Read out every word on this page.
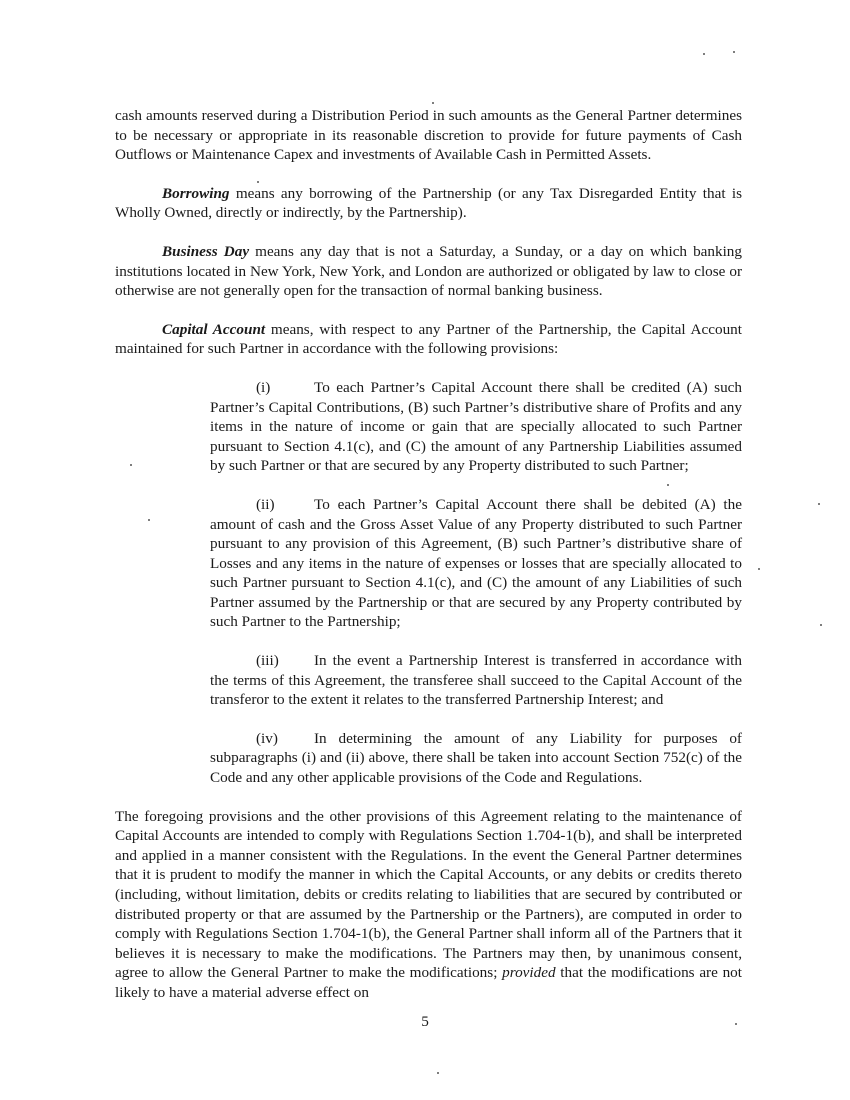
cash amounts reserved during a Distribution Period in such amounts as the General Partner determines to be necessary or appropriate in its reasonable discretion to provide for future payments of Cash Outflows or Maintenance Capex and investments of Available Cash in Permitted Assets.

Borrowing means any borrowing of the Partnership (or any Tax Disregarded Entity that is Wholly Owned, directly or indirectly, by the Partnership).

Business Day means any day that is not a Saturday, a Sunday, or a day on which banking institutions located in New York, New York, and London are authorized or obligated by law to close or otherwise are not generally open for the transaction of normal banking business.

Capital Account means, with respect to any Partner of the Partnership, the Capital Account maintained for such Partner in accordance with the following provisions:

(i)	To each Partner’s Capital Account there shall be credited (A) such Partner’s Capital Contributions, (B) such Partner’s distributive share of Profits and any items in the nature of income or gain that are specially allocated to such Partner pursuant to Section 4.1(c), and (C) the amount of any Partnership Liabilities assumed by such Partner or that are secured by any Property distributed to such Partner;

(ii)	To each Partner’s Capital Account there shall be debited (A) the amount of cash and the Gross Asset Value of any Property distributed to such Partner pursuant to any provision of this Agreement, (B) such Partner’s distributive share of Losses and any items in the nature of expenses or losses that are specially allocated to such Partner pursuant to Section 4.1(c), and (C) the amount of any Liabilities of such Partner assumed by the Partnership or that are secured by any Property contributed by such Partner to the Partnership;

(iii) In the event a Partnership Interest is transferred in accordance with the terms of this Agreement, the transferee shall succeed to the Capital Account of the transferor to the extent it relates to the transferred Partnership Interest; and

(iv) In determining the amount of any Liability for purposes of subparagraphs (i) and (ii) above, there shall be taken into account Section 752(c) of the Code and any other applicable provisions of the Code and Regulations.

The foregoing provisions and the other provisions of this Agreement relating to the maintenance of Capital Accounts are intended to comply with Regulations Section 1.704-1(b), and shall be interpreted and applied in a manner consistent with the Regulations. In the event the General Partner determines that it is prudent to modify the manner in which the Capital Accounts, or any debits or credits thereto (including, without limitation, debits or credits relating to liabilities that are secured by contributed or distributed property or that are assumed by the Partnership or the Partners), are computed in order to comply with Regulations Section 1.704-1(b), the General Partner shall inform all of the Partners that it believes it is necessary to make the modifications. The Partners may then, by unanimous consent, agree to allow the General Partner to make the modifications; provided that the modifications are not likely to have a material adverse effect on

5
